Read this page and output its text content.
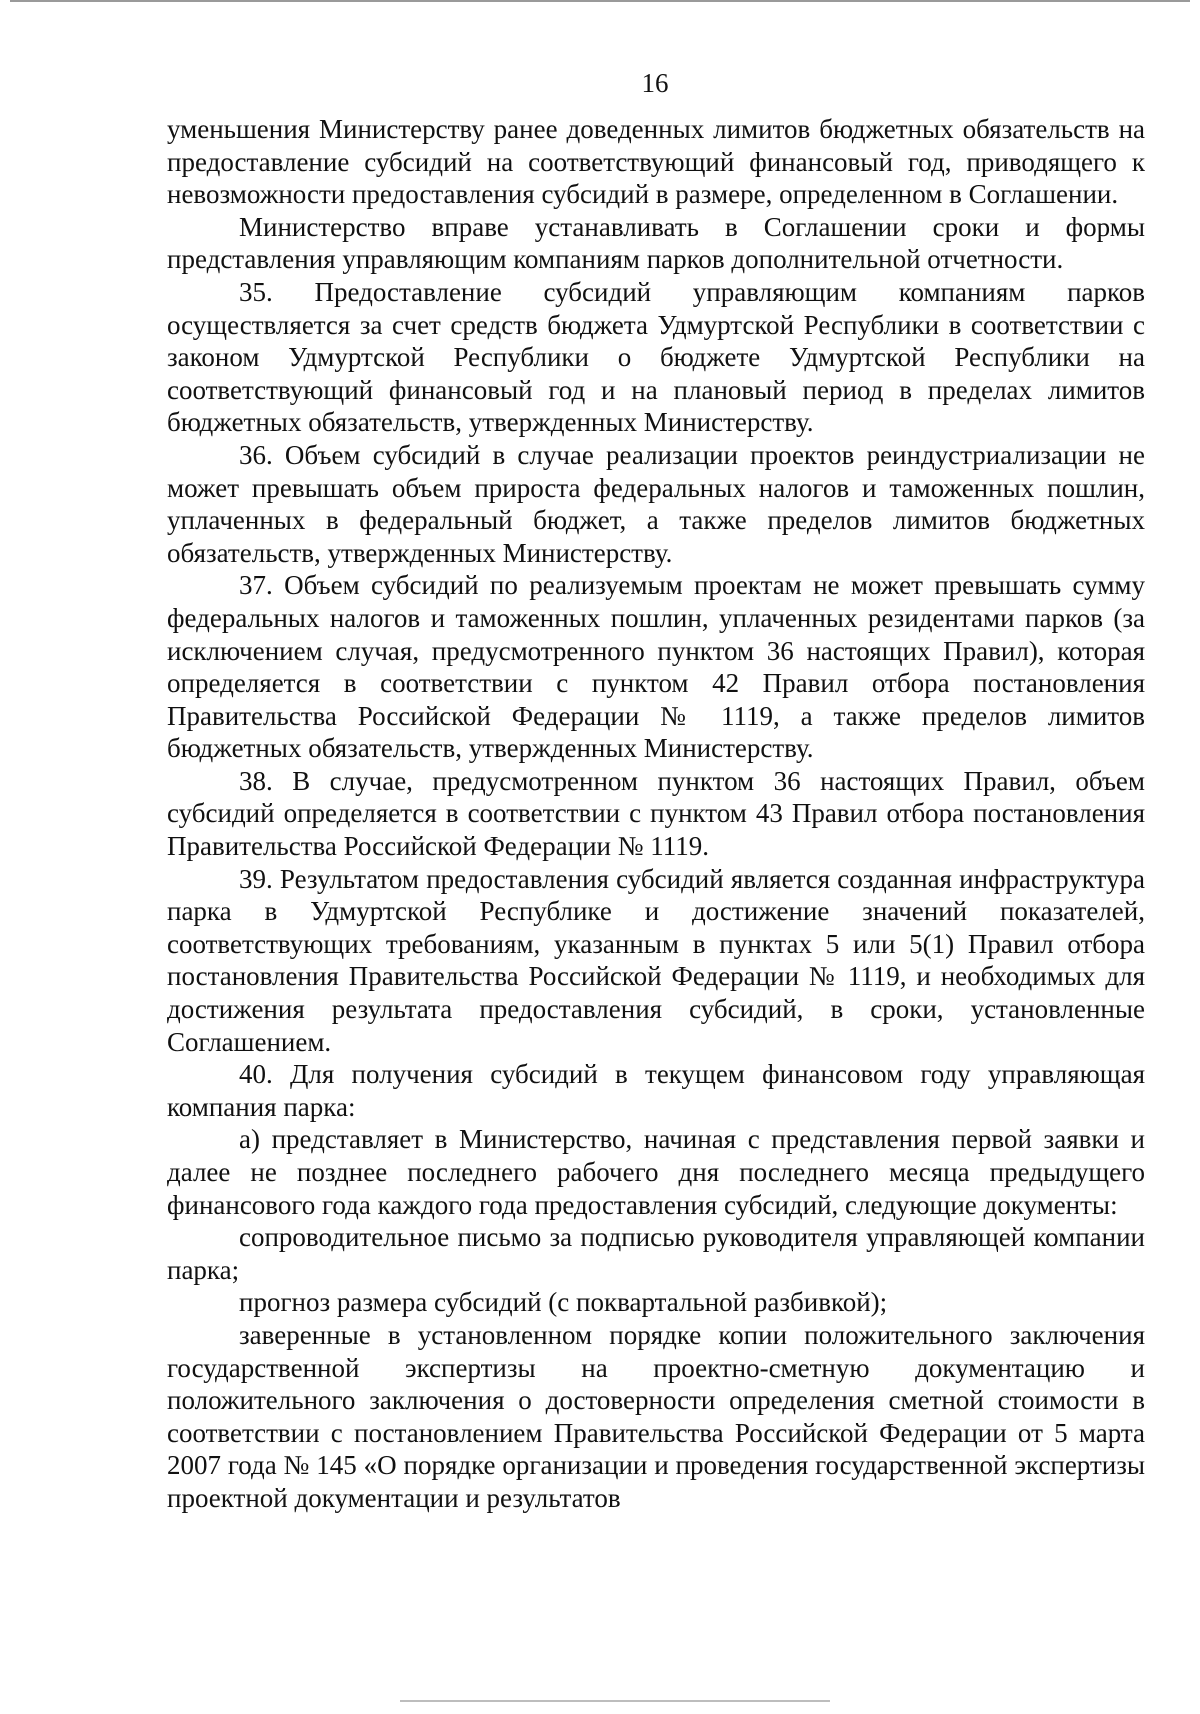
16

уменьшения Министерству ранее доведенных лимитов бюджетных обязательств на предоставление субсидий на соответствующий финансовый год, приводящего к невозможности предоставления субсидий в размере, определенном в Соглашении.

Министерство вправе устанавливать в Соглашении сроки и формы представления управляющим компаниям парков дополнительной отчетности.

35. Предоставление субсидий управляющим компаниям парков осуществляется за счет средств бюджета Удмуртской Республики в соответствии с законом Удмуртской Республики о бюджете Удмуртской Республики на соответствующий финансовый год и на плановый период в пределах лимитов бюджетных обязательств, утвержденных Министерству.

36. Объем субсидий в случае реализации проектов реиндустриализации не может превышать объем прироста федеральных налогов и таможенных пошлин, уплаченных в федеральный бюджет, а также пределов лимитов бюджетных обязательств, утвержденных Министерству.

37. Объем субсидий по реализуемым проектам не может превышать сумму федеральных налогов и таможенных пошлин, уплаченных резидентами парков (за исключением случая, предусмотренного пунктом 36 настоящих Правил), которая определяется в соответствии с пунктом 42 Правил отбора постановления Правительства Российской Федерации № 1119, а также пределов лимитов бюджетных обязательств, утвержденных Министерству.

38. В случае, предусмотренном пунктом 36 настоящих Правил, объем субсидий определяется в соответствии с пунктом 43 Правил отбора постановления Правительства Российской Федерации № 1119.

39. Результатом предоставления субсидий является созданная инфраструктура парка в Удмуртской Республике и достижение значений показателей, соответствующих требованиям, указанным в пунктах 5 или 5(1) Правил отбора постановления Правительства Российской Федерации № 1119, и необходимых для достижения результата предоставления субсидий, в сроки, установленные Соглашением.

40. Для получения субсидий в текущем финансовом году управляющая компания парка:

а) представляет в Министерство, начиная с представления первой заявки и далее не позднее последнего рабочего дня последнего месяца предыдущего финансового года каждого года предоставления субсидий, следующие документы:

сопроводительное письмо за подписью руководителя управляющей компании парка;

прогноз размера субсидий (с поквартальной разбивкой);

заверенные в установленном порядке копии положительного заключения государственной экспертизы на проектно-сметную документацию и положительного заключения о достоверности определения сметной стоимости в соответствии с постановлением Правительства Российской Федерации от 5 марта 2007 года № 145 «О порядке организации и проведения государственной экспертизы проектной документации и результатов
